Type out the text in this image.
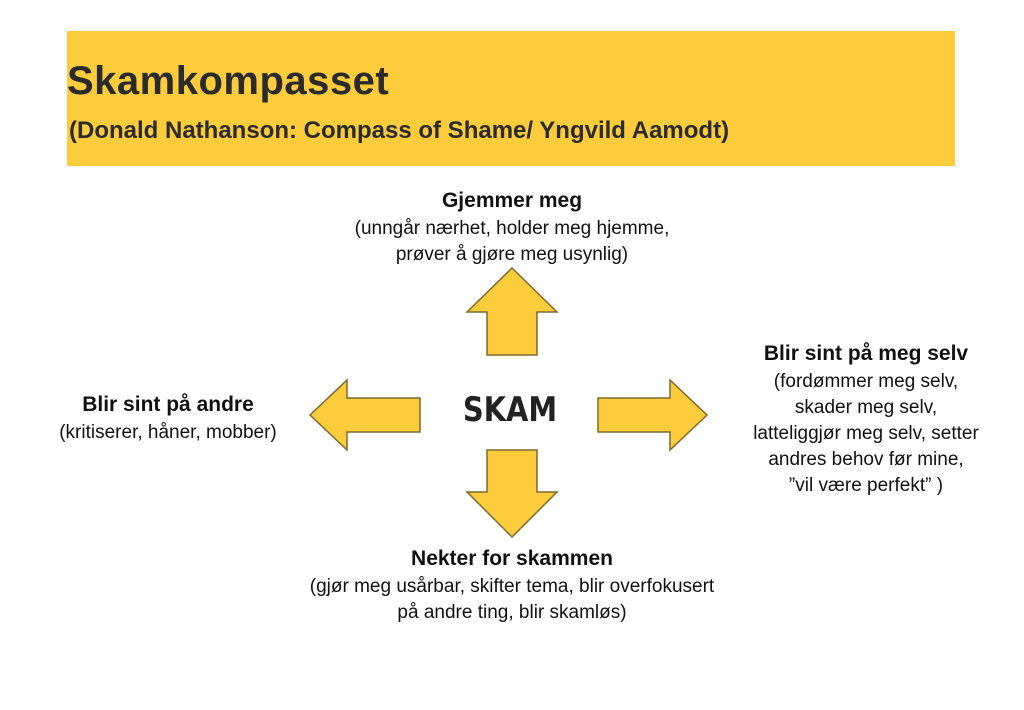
Skamkompasset
(Donald Nathanson: Compass of Shame/ Yngvild Aamodt)
SKAM
Gjemmer meg
(unngår nærhet, holder meg hjemme,
prøver å gjøre meg usynlig)
Blir sint på andre
(kritiserer, håner, mobber)
Blir sint på meg selv
(fordømmer meg selv,
skader meg selv,
latteliggjør meg selv, setter
andres behov før mine,
”vil være perfekt” )
Nekter for skammen
(gjør meg usårbar, skifter tema, blir overfokusert
på andre ting, blir skamløs)
